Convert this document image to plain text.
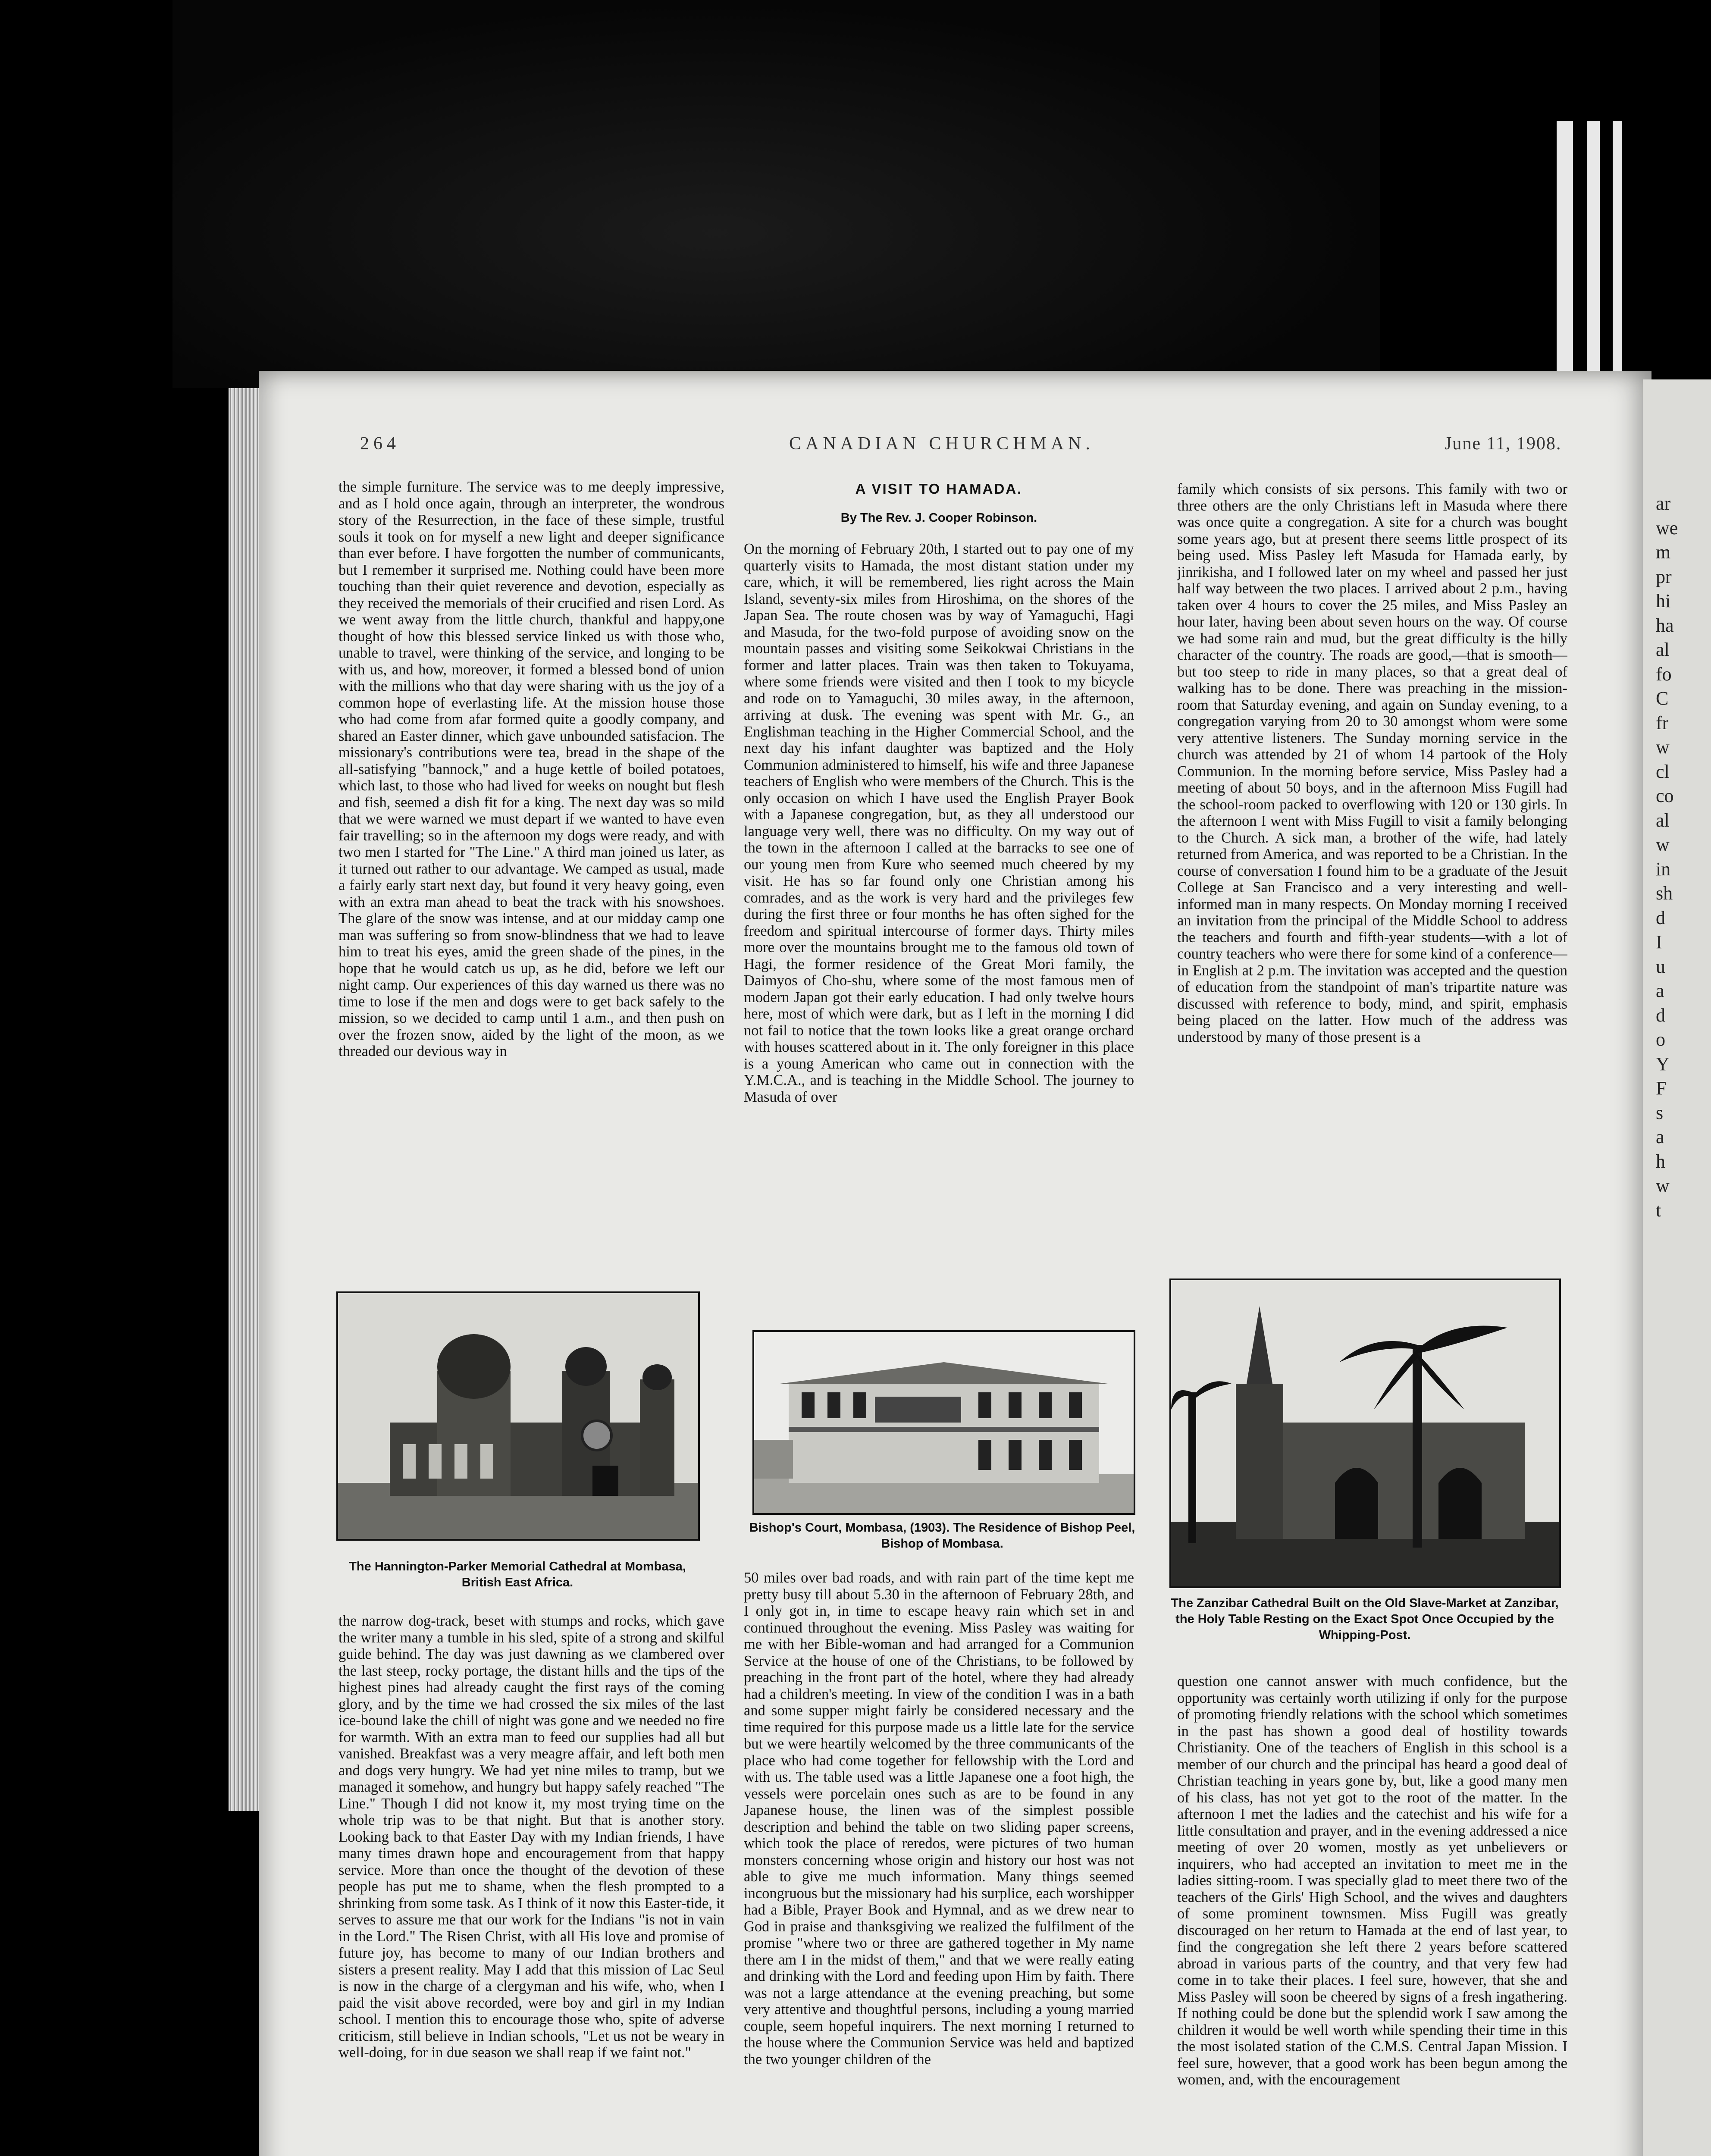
ar
we
m
pr
hi
ha
al
fo
C
fr
w
cl
co
al
w
in
sh
d
I
u
a
d
o
Y
F
s
a
h
w
t
264	CANADIAN CHURCHMAN.	June 11, 1908.

the simple furniture. The service was to me deeply impressive, and as I hold once again, through an interpreter, the wondrous story of the Resurrection, in the face of these simple, trustful souls it took on for myself a new light and deeper significance than ever before. I have forgotten the number of communicants, but I remember it surprised me. Nothing could have been more touching than their quiet reverence and devotion, especially as they received the memorials of their crucified and risen Lord. As we went away from the little church, thankful and happy,one thought of how this blessed service linked us with those who, unable to travel, were thinking of the service, and longing to be with us, and how, moreover, it formed a blessed bond of union with the millions who that day were sharing with us the joy of a common hope of everlasting life. At the mission house those who had come from afar formed quite a goodly company, and shared an Easter dinner, which gave unbounded satisfacion. The missionary's contributions were tea, bread in the shape of the all-satisfying "bannock," and a huge kettle of boiled potatoes, which last, to those who had lived for weeks on nought but flesh and fish, seemed a dish fit for a king. The next day was so mild that we were warned we must depart if we wanted to have even fair travelling; so in the afternoon my dogs were ready, and with two men I started for "The Line." A third man joined us later, as it turned out rather to our advantage. We camped as usual, made a fairly early start next day, but found it very heavy going, even with an extra man ahead to beat the track with his snowshoes. The glare of the snow was intense, and at our midday camp one man was suffering so from snow-blindness that we had to leave him to treat his eyes, amid the green shade of the pines, in the hope that he would catch us up, as he did, before we left our night camp. Our experiences of this day warned us there was no time to lose if the men and dogs were to get back safely to the mission, so we decided to camp until 1 a.m., and then push on over the frozen snow, aided by the light of the moon, as we threaded our devious way in

The Hannington-Parker Memorial Cathedral at Mombasa, British East Africa.

the narrow dog-track, beset with stumps and rocks, which gave the writer many a tumble in his sled, spite of a strong and skilful guide behind. The day was just dawning as we clambered over the last steep, rocky portage, the distant hills and the tips of the highest pines had already caught the first rays of the coming glory, and by the time we had crossed the six miles of the last ice-bound lake the chill of night was gone and we needed no fire for warmth. With an extra man to feed our supplies had all but vanished. Breakfast was a very meagre affair, and left both men and dogs very hungry. We had yet nine miles to tramp, but we managed it somehow, and hungry but happy safely reached "The Line." Though I did not know it, my most trying time on the whole trip was to be that night. But that is another story. Looking back to that Easter Day with my Indian friends, I have many times drawn hope and encouragement from that happy service. More than once the thought of the devotion of these people has put me to shame, when the flesh prompted to a shrinking from some task. As I think of it now this Easter-tide, it serves to assure me that our work for the Indians "is not in vain in the Lord." The Risen Christ, with all His love and promise of future joy, has become to many of our Indian brothers and sisters a present reality. May I add that this mission of Lac Seul is now in the charge of a clergyman and his wife, who, when I paid the visit above recorded, were boy and girl in my Indian school. I mention this to encourage those who, spite of adverse criticism, still believe in Indian schools, "Let us not be weary in well-doing, for in due season we shall reap if we faint not."

A VISIT TO HAMADA.
By The Rev. J. Cooper Robinson.

On the morning of February 20th, I started out to pay one of my quarterly visits to Hamada, the most distant station under my care, which, it will be remembered, lies right across the Main Island, seventy-six miles from Hiroshima, on the shores of the Japan Sea. The route chosen was by way of Yamaguchi, Hagi and Masuda, for the two-fold purpose of avoiding snow on the mountain passes and visiting some Seikokwai Christians in the former and latter places. Train was then taken to Tokuyama, where some friends were visited and then I took to my bicycle and rode on to Yamaguchi, 30 miles away, in the afternoon, arriving at dusk. The evening was spent with Mr. G., an Englishman teaching in the Higher Commercial School, and the next day his infant daughter was baptized and the Holy Communion administered to himself, his wife and three Japanese teachers of English who were members of the Church. This is the only occasion on which I have used the English Prayer Book with a Japanese congregation, but, as they all understood our language very well, there was no difficulty. On my way out of the town in the afternoon I called at the barracks to see one of our young men from Kure who seemed much cheered by my visit. He has so far found only one Christian among his comrades, and as the work is very hard and the privileges few during the first three or four months he has often sighed for the freedom and spiritual intercourse of former days. Thirty miles more over the mountains brought me to the famous old town of Hagi, the former residence of the Great Mori family, the Daimyos of Cho-shu, where some of the most famous men of modern Japan got their early education. I had only twelve hours here, most of which were dark, but as I left in the morning I did not fail to notice that the town looks like a great orange orchard with houses scattered about in it. The only foreigner in this place is a young American who came out in connection with the Y.M.C.A., and is teaching in the Middle School. The journey to Masuda of over

Bishop's Court, Mombasa, (1903). The Residence of Bishop Peel, Bishop of Mombasa.

50 miles over bad roads, and with rain part of the time kept me pretty busy till about 5.30 in the afternoon of February 28th, and I only got in, in time to escape heavy rain which set in and continued throughout the evening. Miss Pasley was waiting for me with her Bible-woman and had arranged for a Communion Service at the house of one of the Christians, to be followed by preaching in the front part of the hotel, where they had already had a children's meeting. In view of the condition I was in a bath and some supper might fairly be considered necessary and the time required for this purpose made us a little late for the service but we were heartily welcomed by the three communicants of the place who had come together for fellowship with the Lord and with us. The table used was a little Japanese one a foot high, the vessels were porcelain ones such as are to be found in any Japanese house, the linen was of the simplest possible description and behind the table on two sliding paper screens, which took the place of reredos, were pictures of two human monsters concerning whose origin and history our host was not able to give me much information. Many things seemed incongruous but the missionary had his surplice, each worshipper had a Bible, Prayer Book and Hymnal, and as we drew near to God in praise and thanksgiving we realized the fulfilment of the promise "where two or three are gathered together in My name there am I in the midst of them," and that we were really eating and drinking with the Lord and feeding upon Him by faith. There was not a large attendance at the evening preaching, but some very attentive and thoughtful persons, including a young married couple, seem hopeful inquirers. The next morning I returned to the house where the Communion Service was held and baptized the two younger children of the

family which consists of six persons. This family with two or three others are the only Christians left in Masuda where there was once quite a congregation. A site for a church was bought some years ago, but at present there seems little prospect of its being used. Miss Pasley left Masuda for Hamada early, by jinrikisha, and I followed later on my wheel and passed her just half way between the two places. I arrived about 2 p.m., having taken over 4 hours to cover the 25 miles, and Miss Pasley an hour later, having been about seven hours on the way. Of course we had some rain and mud, but the great difficulty is the hilly character of the country. The roads are good,—that is smooth—but too steep to ride in many places, so that a great deal of walking has to be done. There was preaching in the mission-room that Saturday evening, and again on Sunday evening, to a congregation varying from 20 to 30 amongst whom were some very attentive listeners. The Sunday morning service in the church was attended by 21 of whom 14 partook of the Holy Communion. In the morning before service, Miss Pasley had a meeting of about 50 boys, and in the afternoon Miss Fugill had the school-room packed to overflowing with 120 or 130 girls. In the afternoon I went with Miss Fugill to visit a family belonging to the Church. A sick man, a brother of the wife, had lately returned from America, and was reported to be a Christian. In the course of conversation I found him to be a graduate of the Jesuit College at San Francisco and a very interesting and well-informed man in many respects. On Monday morning I received an invitation from the principal of the Middle School to address the teachers and fourth and fifth-year students—with a lot of country teachers who were there for some kind of a conference—in English at 2 p.m. The invitation was accepted and the question of education from the standpoint of man's tripartite nature was discussed with reference to body, mind, and spirit, emphasis being placed on the latter. How much of the address was understood by many of those present is a

The Zanzibar Cathedral Built on the Old Slave-Market at Zanzibar, the Holy Table Resting on the Exact Spot Once Occupied by the Whipping-Post.

question one cannot answer with much confidence, but the opportunity was certainly worth utilizing if only for the purpose of promoting friendly relations with the school which sometimes in the past has shown a good deal of hostility towards Christianity. One of the teachers of English in this school is a member of our church and the principal has heard a good deal of Christian teaching in years gone by, but, like a good many men of his class, has not yet got to the root of the matter. In the afternoon I met the ladies and the catechist and his wife for a little consultation and prayer, and in the evening addressed a nice meeting of over 20 women, mostly as yet unbelievers or inquirers, who had accepted an invitation to meet me in the ladies sitting-room. I was specially glad to meet there two of the teachers of the Girls' High School, and the wives and daughters of some prominent townsmen. Miss Fugill was greatly discouraged on her return to Hamada at the end of last year, to find the congregation she left there 2 years before scattered abroad in various parts of the country, and that very few had come in to take their places. I feel sure, however, that she and Miss Pasley will soon be cheered by signs of a fresh ingathering. If nothing could be done but the splendid work I saw among the children it would be well worth while spending their time in this the most isolated station of the C.M.S. Central Japan Mission. I feel sure, however, that a good work has been begun among the women, and, with the encouragement
